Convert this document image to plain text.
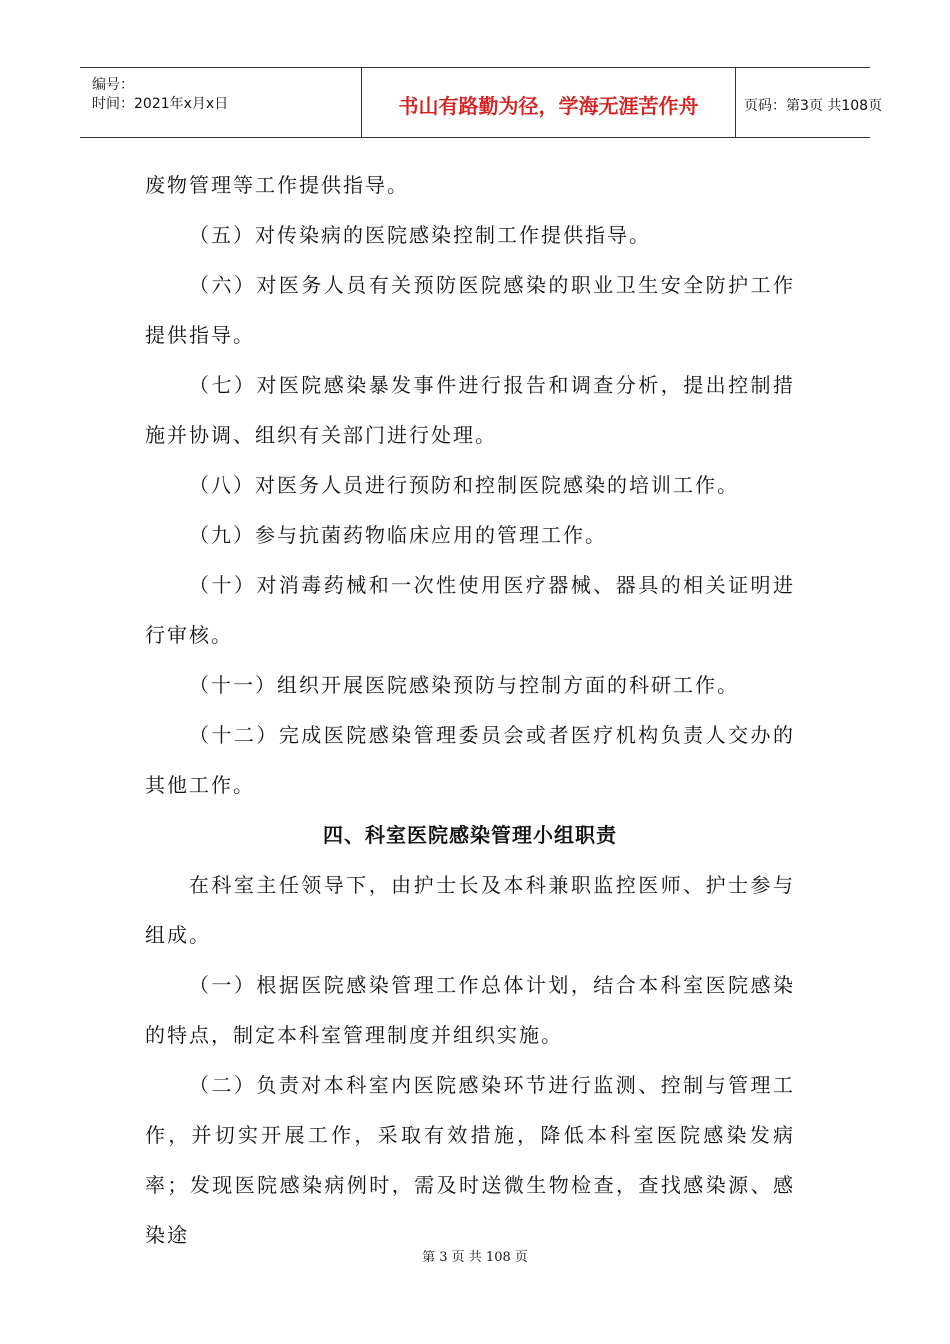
编号：
时间：2021年x月x日	书山有路勤为径，学海无涯苦作舟	页码：第3页 共108页

废物管理等工作提供指导。

（五）对传染病的医院感染控制工作提供指导。

（六）对医务人员有关预防医院感染的职业卫生安全防护工作提供指导。

（七）对医院感染暴发事件进行报告和调查分析，提出控制措施并协调、组织有关部门进行处理。

（八）对医务人员进行预防和控制医院感染的培训工作。

（九）参与抗菌药物临床应用的管理工作。

（十）对消毒药械和一次性使用医疗器械、器具的相关证明进行审核。

（十一）组织开展医院感染预防与控制方面的科研工作。

（十二）完成医院感染管理委员会或者医疗机构负责人交办的其他工作。

四、科室医院感染管理小组职责

在科室主任领导下，由护士长及本科兼职监控医师、护士参与组成。

（一）根据医院感染管理工作总体计划，结合本科室医院感染的特点，制定本科室管理制度并组织实施。

（二）负责对本科室内医院感染环节进行监测、控制与管理工作，并切实开展工作，采取有效措施，降低本科室医院感染发病率；发现医院感染病例时，需及时送微生物检查，查找感染源、感染途

第 3 页 共 108 页
